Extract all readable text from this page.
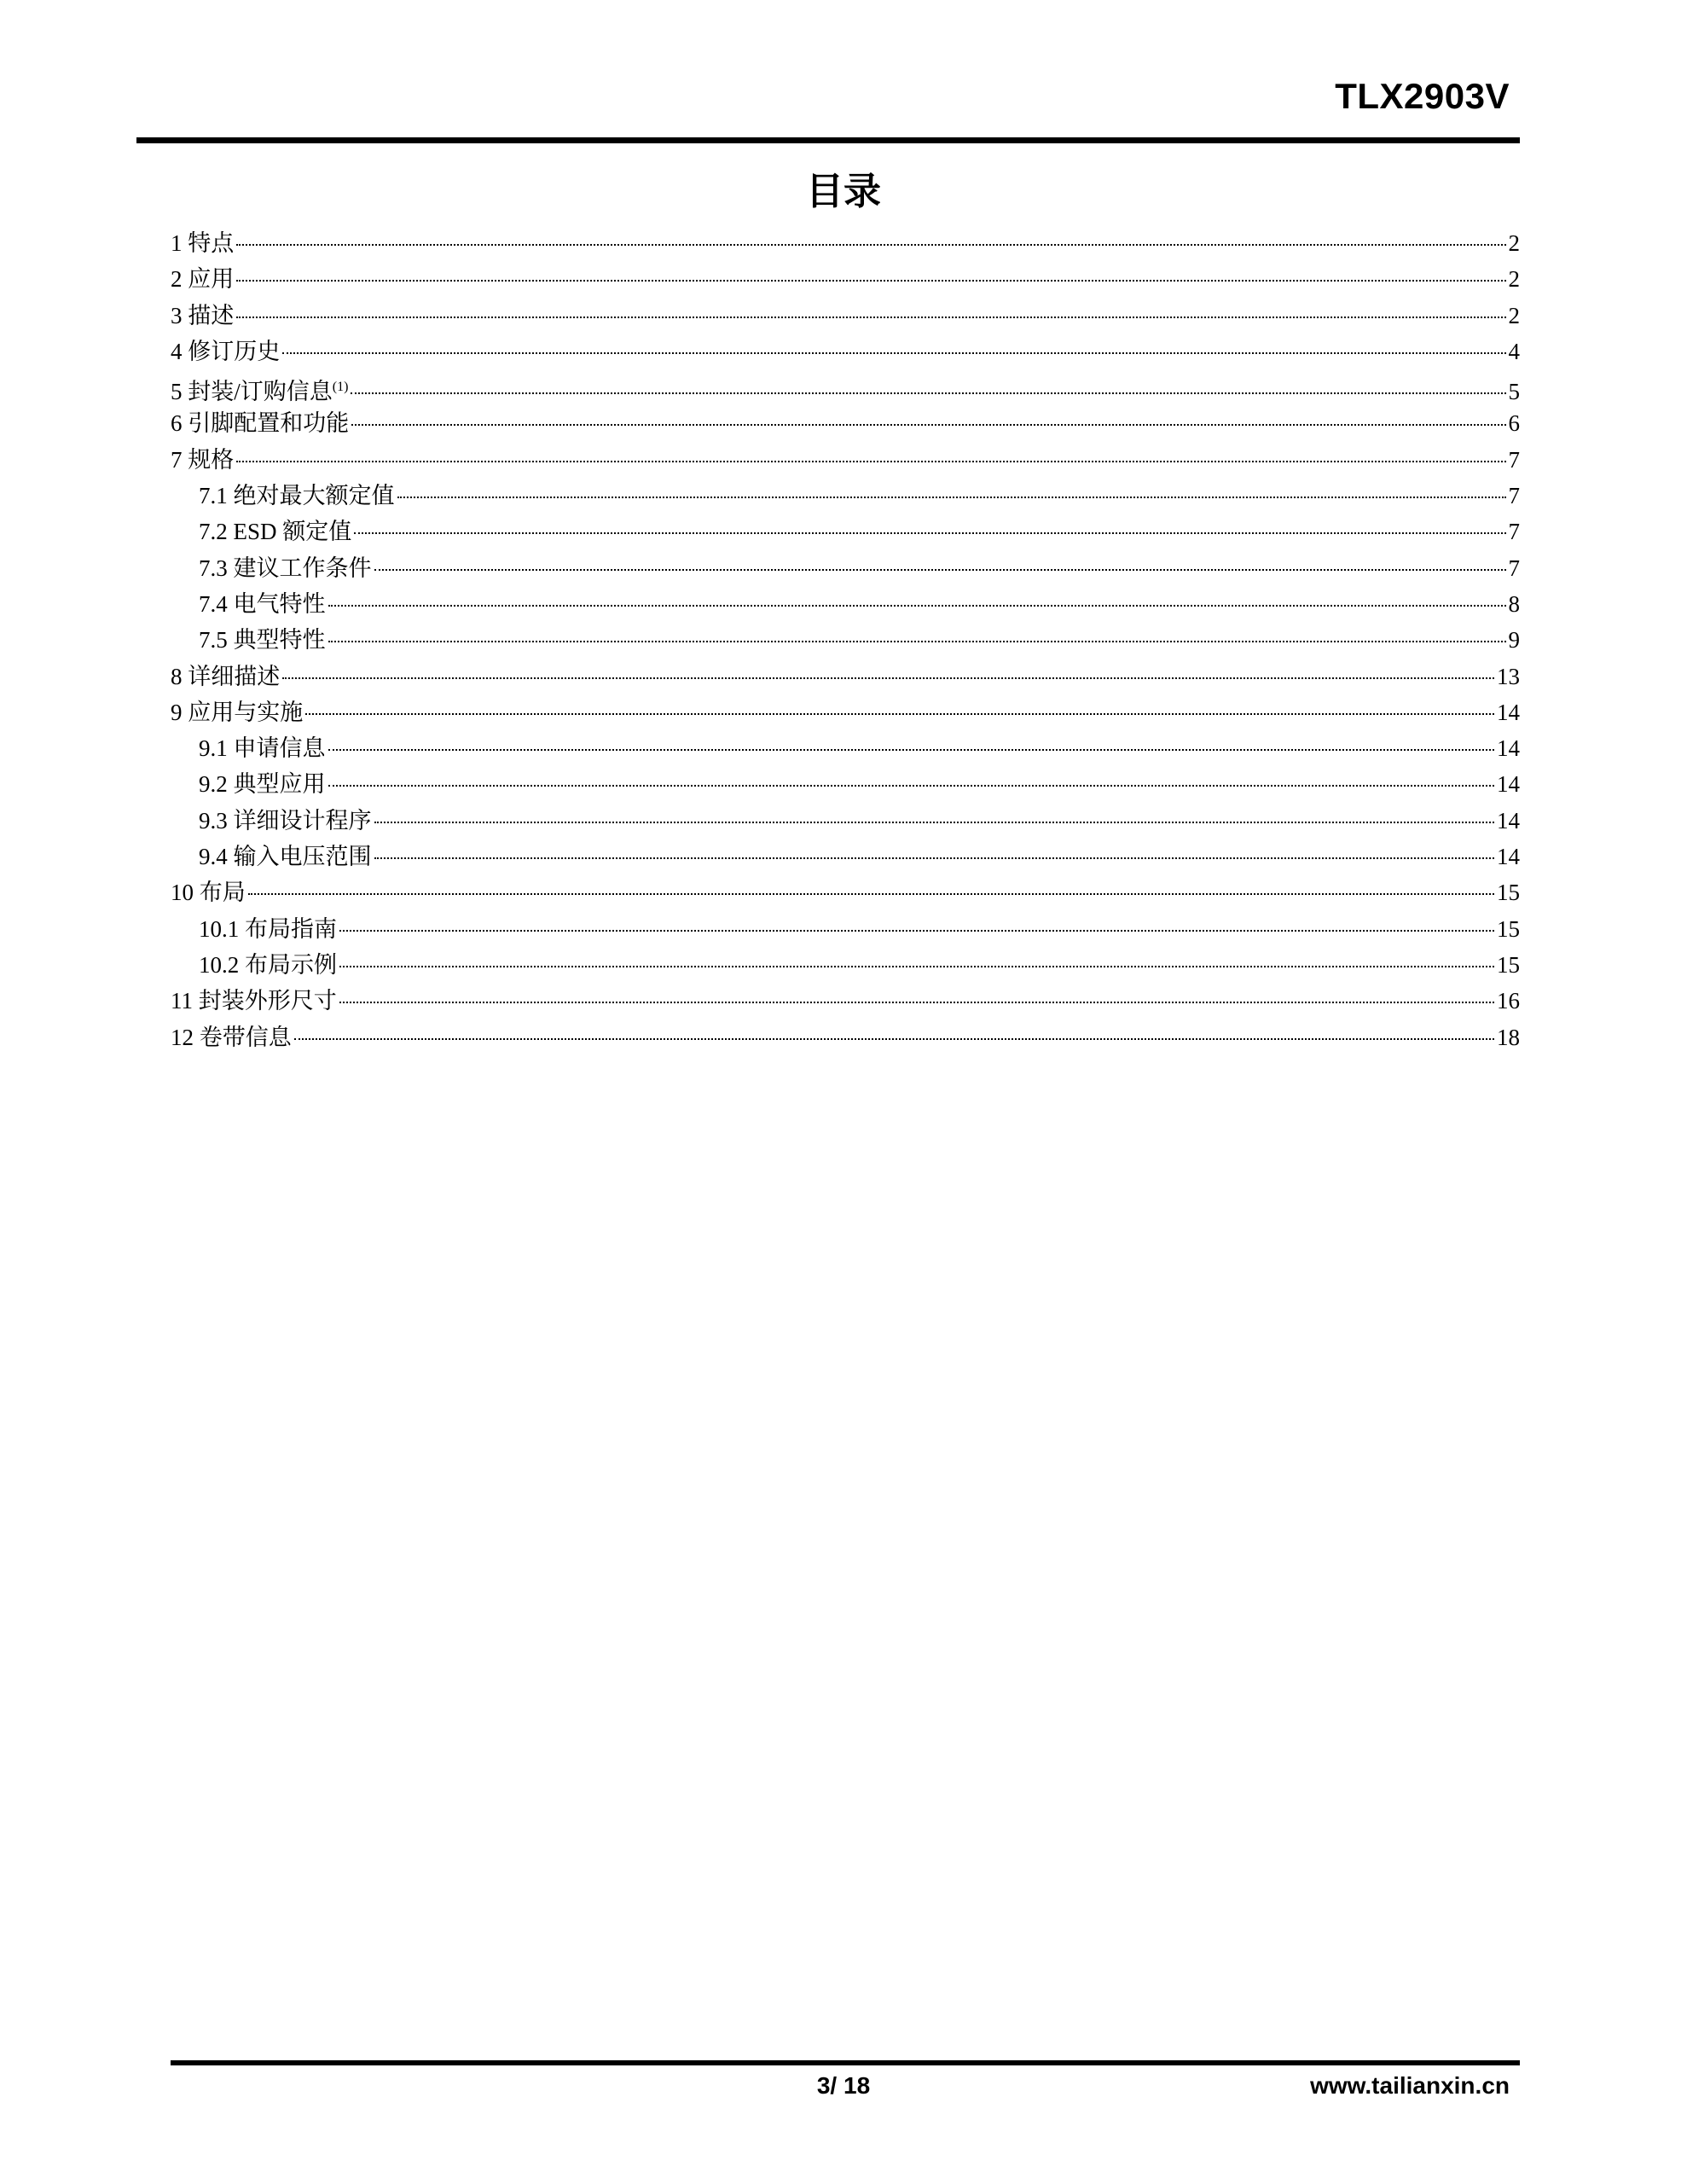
TLX2903V
目录
1 特点	2
2 应用	2
3 描述	2
4 修订历史	4
5 封装/订购信息$^{(1)}$	5
6 引脚配置和功能	6
7 规格	7
7.1 绝对最大额定值	7
7.2 ESD 额定值	7
7.3 建议工作条件	7
7.4 电气特性	8
7.5 典型特性	9
8 详细描述	13
9 应用与实施	14
9.1 申请信息	14
9.2 典型应用	14
9.3 详细设计程序	14
9.4 输入电压范围	14
10 布局	15
10.1 布局指南	15
10.2 布局示例	15
11 封装外形尺寸	16
12 卷带信息	18
3/ 18	www.tailianxin.cn
